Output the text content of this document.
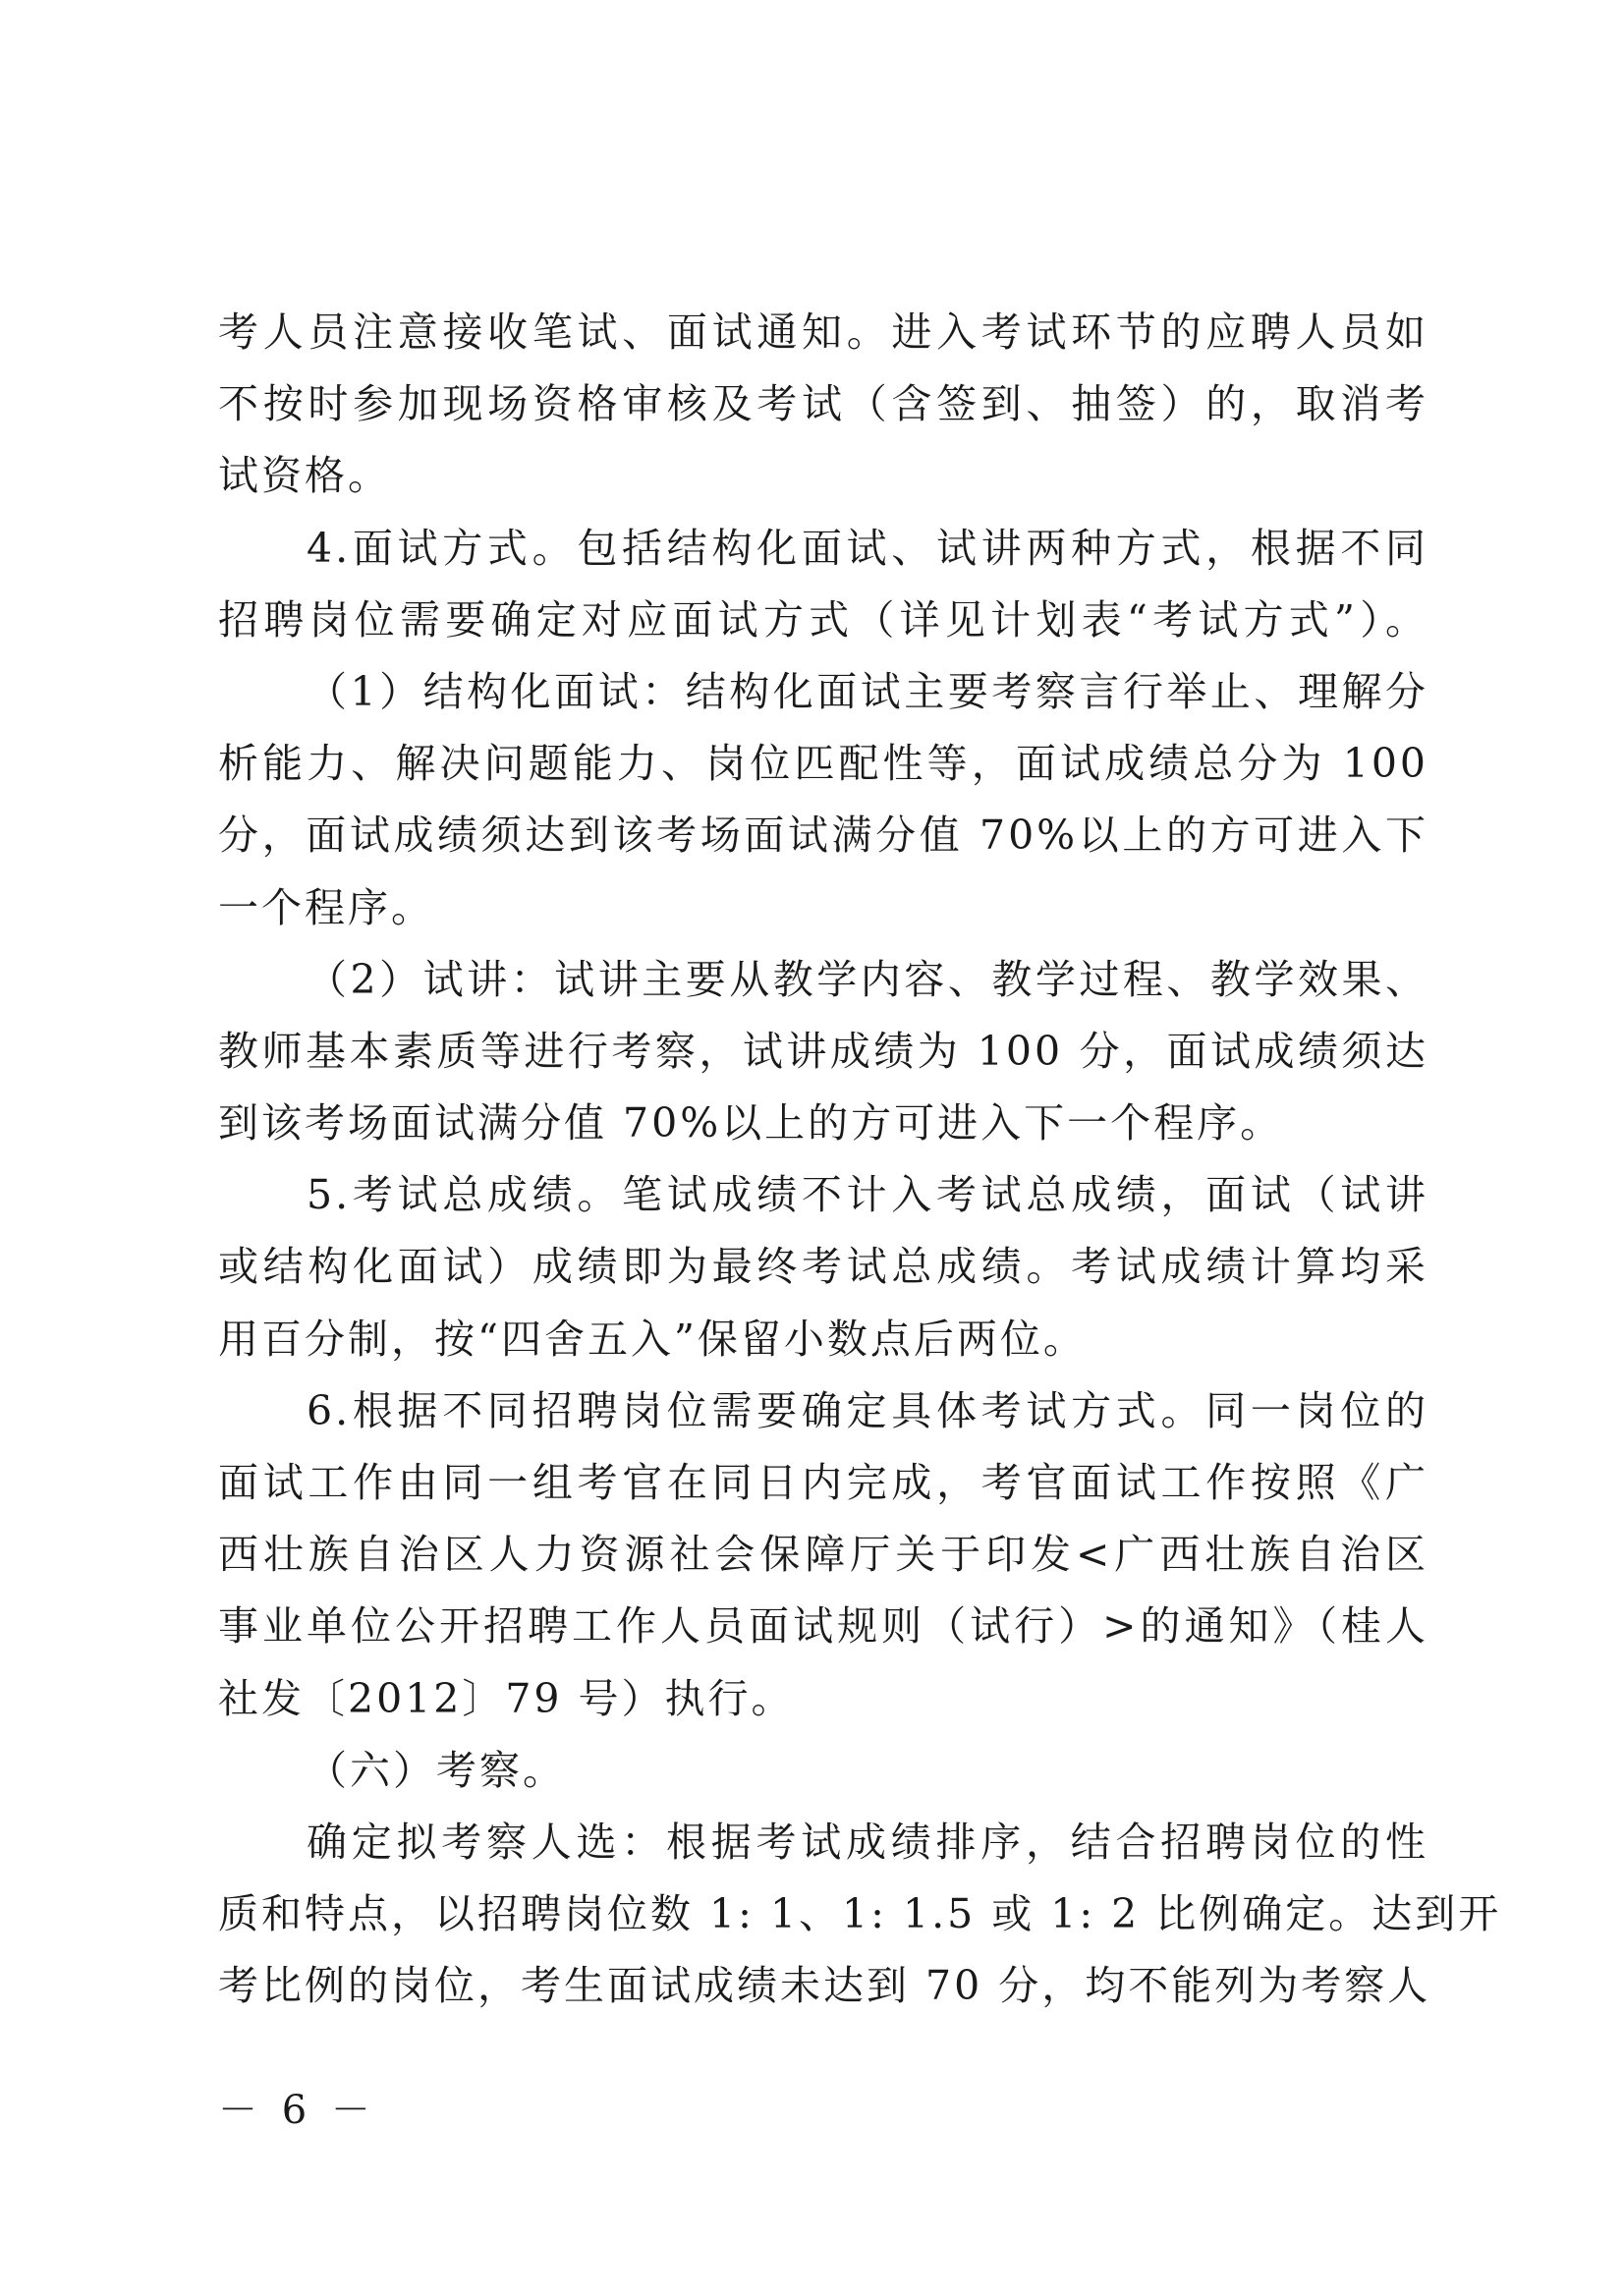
考人员注意接收笔试、面试通知。进入考试环节的应聘人员如
不按时参加现场资格审核及考试（含签到、抽签）的，取消考
试资格。
4.面试方式。包括结构化面试、试讲两种方式，根据不同
招聘岗位需要确定对应面试方式（详见计划表“考试方式”）。
（1）结构化面试：结构化面试主要考察言行举止、理解分
析能力、解决问题能力、岗位匹配性等，面试成绩总分为 100
分，面试成绩须达到该考场面试满分值 70%以上的方可进入下
一个程序。
（2）试讲：试讲主要从教学内容、教学过程、教学效果、
教师基本素质等进行考察，试讲成绩为 100 分，面试成绩须达
到该考场面试满分值 70%以上的方可进入下一个程序。
5.考试总成绩。笔试成绩不计入考试总成绩，面试（试讲
或结构化面试）成绩即为最终考试总成绩。考试成绩计算均采
用百分制，按“四舍五入”保留小数点后两位。
6.根据不同招聘岗位需要确定具体考试方式。同一岗位的
面试工作由同一组考官在同日内完成，考官面试工作按照《广
西壮族自治区人力资源社会保障厅关于印发<广西壮族自治区
事业单位公开招聘工作人员面试规则（试行）>的通知》（桂人
社发〔2012〕79 号）执行。
（六）考察。
确定拟考察人选：根据考试成绩排序，结合招聘岗位的性
质和特点，以招聘岗位数 1: 1、1: 1.5 或 1: 2 比例确定。达到开
考比例的岗位，考生面试成绩未达到 70 分，均不能列为考察人
－ 6 －
